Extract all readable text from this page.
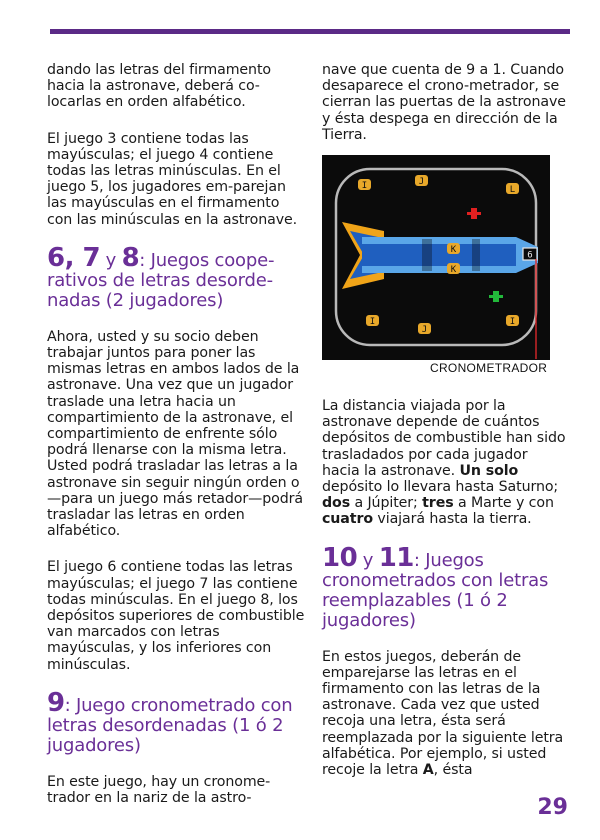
dando las letras del firmamento hacia la astronave, deberá co-locarlas en orden alfabético.

El juego 3 contiene todas las mayúsculas; el juego 4 contiene todas las letras minúsculas. En el juego 5, los jugadores em-parejan las mayúsculas en el firmamento con las minúsculas en la astronave.

6, 7 y 8: Juegos coope-rativos de letras desorde-nadas (2 jugadores)

Ahora, usted y su socio deben trabajar juntos para poner las mismas letras en ambos lados de la astronave. Una vez que un jugador traslade una letra hacia un compartimiento de la astronave, el compartimiento de enfrente sólo podrá llenarse con la misma letra. Usted podrá trasladar las letras a la astronave sin seguir ningún orden o—para un juego más retador—podrá trasladar las letras en orden alfabético.

El juego 6 contiene todas las letras mayúsculas; el juego 7 las contiene todas minúsculas. En el juego 8, los depósitos superiores de combustible van marcados con letras mayúsculas, y los inferiores con minúsculas.

9: Juego cronometrado con letras desordenadas (1 ó 2 jugadores)

En este juego, hay un cronome-trador en la nariz de la astro-

nave que cuenta de 9 a 1. Cuando desaparece el crono-metrador, se cierran las puertas de la astronave y ésta despega en dirección de la Tierra.

I	J
L
K
K
I
J
I
6
CRONOMETRADOR

La distancia viajada por la astronave depende de cuántos depósitos de combustible han sido trasladados por cada jugador hacia la astronave. Un solo depósito lo llevara hasta Saturno; dos a Júpiter; tres a Marte y con cuatro viajará hasta la tierra.

10 y 11: Juegos cronometrados con letras reemplazables (1 ó 2 jugadores)

En estos juegos, deberán de emparejarse las letras en el firmamento con las letras de la astronave. Cada vez que usted recoja una letra, ésta será reemplazada por la siguiente letra alfabética. Por ejemplo, si usted recoje la letra A, ésta

29
